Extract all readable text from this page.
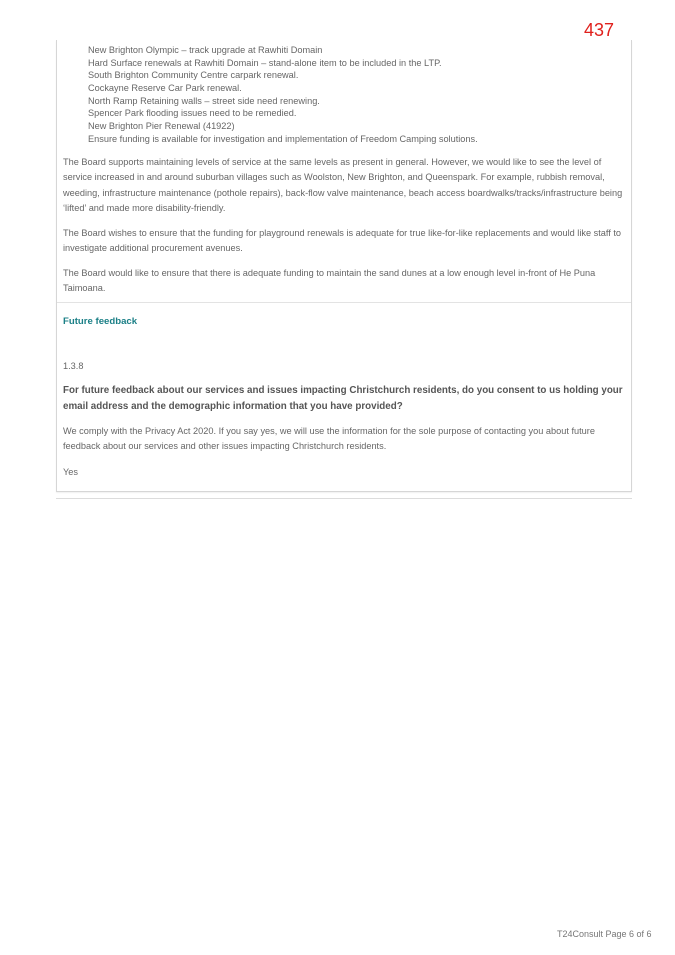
437
New Brighton Olympic – track upgrade at Rawhiti Domain
Hard Surface renewals at Rawhiti Domain – stand-alone item to be included in the LTP.
South Brighton Community Centre carpark renewal.
Cockayne Reserve Car Park renewal.
North Ramp Retaining walls – street side need renewing.
Spencer Park flooding issues need to be remedied.
New Brighton Pier Renewal (41922)
Ensure funding is available for investigation and implementation of Freedom Camping solutions.

The Board supports maintaining levels of service at the same levels as present in general. However, we would like to see the level of service increased in and around suburban villages such as Woolston, New Brighton, and Queenspark. For example, rubbish removal, weeding, infrastructure maintenance (pothole repairs), back-flow valve maintenance, beach access boardwalks/tracks/infrastructure being ‘lifted’ and made more disability-friendly.

The Board wishes to ensure that the funding for playground renewals is adequate for true like-for-like replacements and would like staff to investigate additional procurement avenues.

The Board would like to ensure that there is adequate funding to maintain the sand dunes at a low enough level in-front of He Puna Taimoana.

Future feedback
1.3.8
For future feedback about our services and issues impacting Christchurch residents, do you consent to us holding your email address and the demographic information that you have provided?
We comply with the Privacy Act 2020. If you say yes, we will use the information for the sole purpose of contacting you about future feedback about our services and other issues impacting Christchurch residents.
Yes
T24Consult Page 6 of 6
